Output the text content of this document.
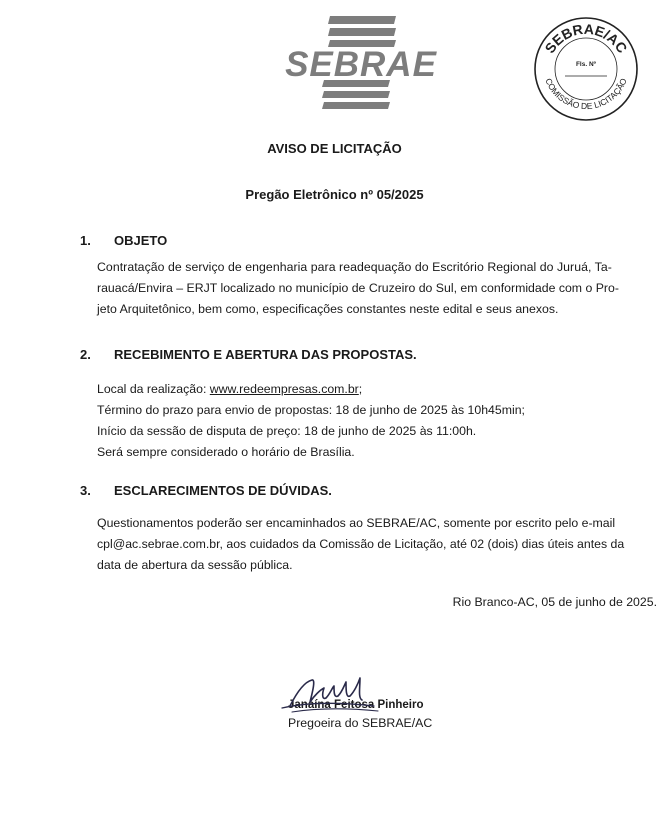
SEBRAE	SEBRAE/AC
COMISSÃO DE LICITAÇÃO
Fls. Nº
AVISO DE LICITAÇÃO
Pregão Eletrônico nº 05/2025
1. OBJETO
Contratação de serviço de engenharia para readequação do Escritório Regional do Juruá, Ta-
rauacá/Envira – ERJT localizado no município de Cruzeiro do Sul, em conformidade com o Pro-
jeto Arquitetônico, bem como, especificações constantes neste edital e seus anexos.
2. RECEBIMENTO E ABERTURA DAS PROPOSTAS.
Local da realização: www.redeempresas.com.br;
Término do prazo para envio de propostas: 18 de junho de 2025 às 10h45min;
Início da sessão de disputa de preço: 18 de junho de 2025 às 11:00h.
Será sempre considerado o horário de Brasília.
3. ESCLARECIMENTOS DE DÚVIDAS.
Questionamentos poderão ser encaminhados ao SEBRAE/AC, somente por escrito pelo e-mail
cpl@ac.sebrae.com.br, aos cuidados da Comissão de Licitação, até 02 (dois) dias úteis antes da
data de abertura da sessão pública.
Rio Branco-AC, 05 de junho de 2025.
Janaína Feitosa Pinheiro
Pregoeira do SEBRAE/AC
